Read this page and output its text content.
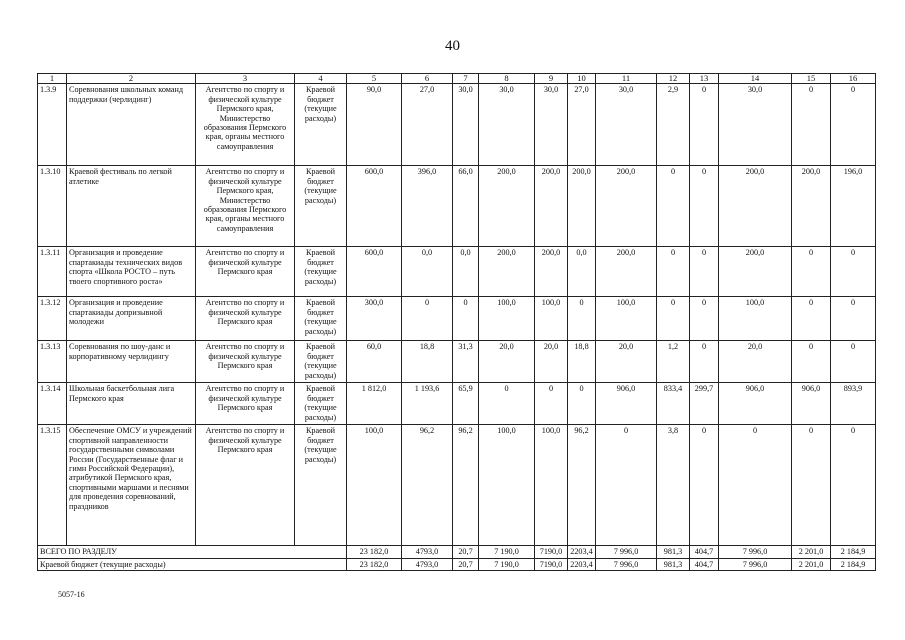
40
1	2	3	4	5	6	7	8	9	10	11	12	13	14	15	16
1.3.9	Соревнования школьных команд поддержки (черлидинг)	Агентство по спорту и физической культуре Пермского края, Министерство образования Пермского края, органы местного самоуправления	Краевой бюджет (текущие расходы)	90,0	27,0	30,0	30,0	30,0	27,0	30,0	2,9	0	30,0	0	0
1.3.10	Краевой фестиваль по легкой атлетике	Агентство по спорту и физической культуре Пермского края, Министерство образования Пермского края, органы местного самоуправления	Краевой бюджет (текущие расходы)	600,0	396,0	66,0	200,0	200,0	200,0	200,0	0	0	200,0	200,0	196,0
1.3.11	Организация и проведение спартакиады технических видов спорта «Школа РОСТО – путь твоего спортивного роста»	Агентство по спорту и физической культуре Пермского края	Краевой бюджет (текущие расходы)	600,0	0,0	0,0	200,0	200,0	0,0	200,0	0	0	200,0	0	0
1.3.12	Организация и проведение спартакиады допризывной молодежи	Агентство по спорту и физической культуре Пермского края	Краевой бюджет (текущие расходы)	300,0	0	0	100,0	100,0	0	100,0	0	0	100,0	0	0
1.3.13	Соревнования по шоу-данс и корпоративному черлидингу	Агентство по спорту и физической культуре Пермского края	Краевой бюджет (текущие расходы)	60,0	18,8	31,3	20,0	20,0	18,8	20,0	1,2	0	20,0	0	0
1.3.14	Школьная баскетбольная лига Пермского края	Агентство по спорту и физической культуре Пермского края	Краевой бюджет (текущие расходы)	1 812,0	1 193,6	65,9	0	0	0	906,0	833,4	299,7	906,0	906,0	893,9
1.3.15	Обеспечение ОМСУ и учреждений спортивной направленности государственными символами России (Государственные флаг и гимн Российской Федерации), атрибутикой Пермского края, спортивными маршами и песнями для проведения соревнований, праздников	Агентство по спорту и физической культуре Пермского края	Краевой бюджет (текущие расходы)	100,0	96,2	96,2	100,0	100,0	96,2	0	3,8	0	0	0	0
ВСЕГО ПО РАЗДЕЛУ				23 182,0	4793,0	20,7	7 190,0	7190,0	2203,4	7 996,0	981,3	404,7	7 996,0	2 201,0	2 184,9
Краевой бюджет (текущие расходы)				23 182,0	4793,0	20,7	7 190,0	7190,0	2203,4	7 996,0	981,3	404,7	7 996,0	2 201,0	2 184,9
5057-16
